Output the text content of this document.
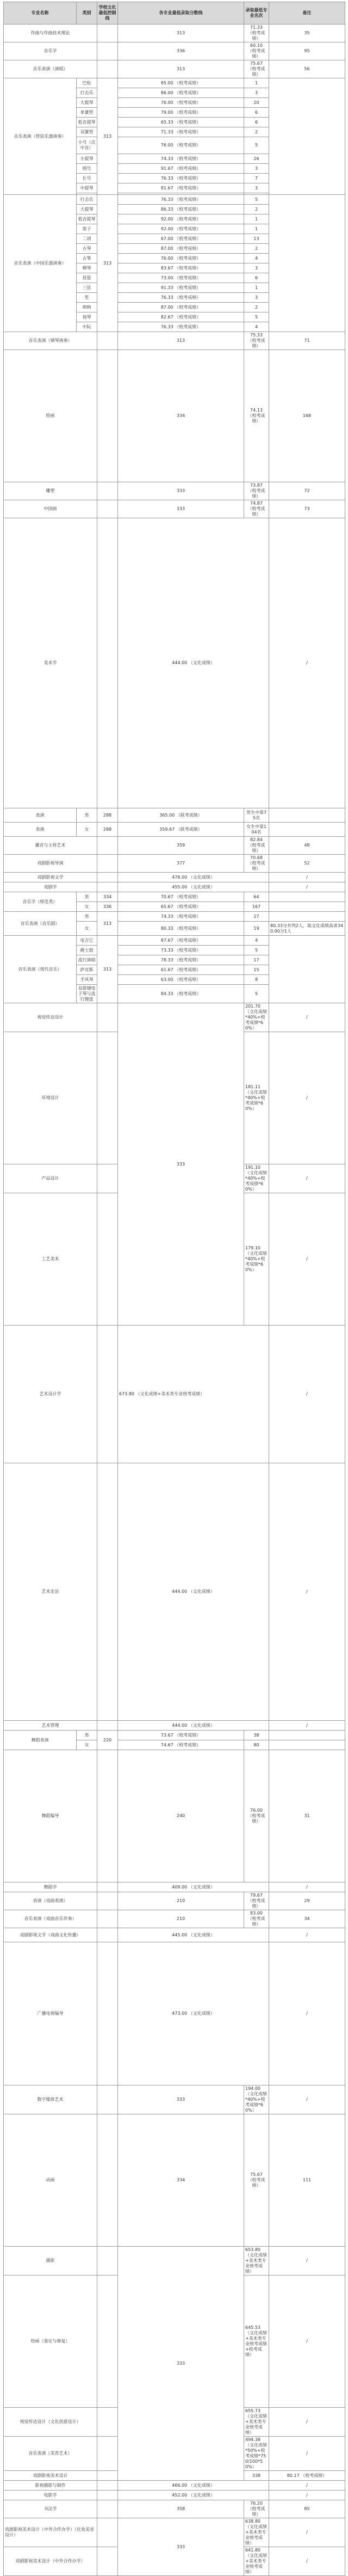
专业名称	类别	学校文化最低控制线	各专业最低录取分数线	录取最低专业名次	备注	
作曲与作曲技术理论			313	71.33 （校考成绩）	35	
音乐学			336	60.10 （校考成绩）	95	
音乐表演（演唱）			313	75.67 （校考成绩）	56	
音乐表演（管弦乐器演奏）	巴松	313	85.00 （校考成绩）	1		
	打击乐		86.00 （校考成绩）	3		
	大提琴		76.00 （校考成绩）	20		
	单簧管		79.00 （校考成绩）	6		
	低音提琴		65.33 （校考成绩）	6		
	双簧管		71.33 （校考成绩）	2		
	小号（次中音）		76.00 （校考成绩）	5		
	小提琴		74.33 （校考成绩）	26		
	圆号		91.67 （校考成绩）	3		
	长号		76.33 （校考成绩）	7		
	中提琴		81.67 （校考成绩）	3		

音乐表演（中国乐器演奏）	打击乐	313	76.33 （校考成绩）	5		
	大提琴		86.33 （校考成绩）	2		
	低音提琴		92.00 （校考成绩）	1		
	笛子		92.00 （校考成绩）	1		
	二胡		67.00 （校考成绩）	13		
	古琴		87.00 （校考成绩）	2		
	古筝		76.00 （校考成绩）	4		
	柳琴		83.67 （校考成绩）	3		
	琵琶		73.00 （校考成绩）	6		
	三弦		91.33 （校考成绩）	1		
	笙		76.33 （校考成绩）	3		
	唢呐		87.00 （校考成绩）	2		
	扬琴		82.67 （校考成绩）	5		
	中阮		76.33 （校考成绩）	4		
音乐表演（钢琴演奏）			313	75.33 （校考成绩）	71	
绘画			334	74.13 （校考成绩）	168	
雕塑			333	73.87 （校考成绩）	72	
中国画			333	74.87 （校考成绩）	73	
美术学			444.00 （文化成绩）		/	
表演	男	288	365.00 （联考成绩）	男生中第75名		
表演	女	288	359.67 （联考成绩）	女生中第104名		
播音与主持艺术			359	82.84 （校考成绩）	48	
戏剧影视导演			377	70.68 （校考成绩）	52	
戏剧影视文学			476.00 （文化成绩）		/	
戏剧学			455.00 （文化成绩）		/	
音乐学（师范类）	男	334	70.67 （校考成绩）	64		
	女	336	65.67 （校考成绩）	167		
音乐表演（音乐剧）	男	313	74.33 （校考成绩）	27		
	女		80.33 （校考成绩）	19	80.33分并列2人，取文化成绩高者340.00分1人	
音乐表演（现代音乐）	电吉它	313	87.67 （校考成绩）	4		
	爵士鼓		73.33 （校考成绩）	5		
	流行演唱		78.33 （校考成绩）	17		
	萨克斯		61.67 （校考成绩）	15		
	手风琴		63.00 （校考成绩）	8		
	双排键电子琴与流行键盘		84.33 （校考成绩）	5		
视觉传达设计			333	201.70 （文化成绩*40%+校考成绩*60%）	/	
环境设计				181.11 （文化成绩*40%+校考成绩*60%）	/	
产品设计				191.10 （文化成绩*40%+校考成绩*60%）	/	
工艺美术				179.10 （文化成绩*40%+校考成绩*60%）	/	
艺术设计学			673.80 （文化成绩+美术类专业统考成绩）		/	
艺术史论			444.00 （文化成绩）		/	
艺术管理			444.00 （文化成绩）		/	
舞蹈表演	男	220	73.67 （校考成绩）	38		
	女		74.67 （校考成绩）	80		
舞蹈编导			240	76.00 （校考成绩）	31	
舞蹈学			409.00 （文化成绩）		/	
表演（戏曲表演）			210	79.67 （校考成绩）	29	
音乐表演（戏曲音乐伴奏）			210	83.00 （校考成绩）	34	
戏剧影视文学（戏曲文化传播）			445.00 （文化成绩）		/	
广播电视编导			473.00 （文化成绩）		/	
数字媒体艺术			333	194.00 （文化成绩*40%+校考成绩*60%）	/	
动画			334	75.67 （校考成绩）	111	
摄影			333	653.80 （文化成绩+美术类专业统考成绩）	/	
绘画（鉴定与修复）				645.53 （文化成绩+美术类专业统考成绩+校考成绩）	/	
视觉传达设计（文化创意设计）				655.73 （文化成绩+美术类专业统考成绩）	/	
音乐表演（美育艺术）				494.38 （文化成绩*50%+校考成绩*750/100*50%）	/	
戏剧影视美术设计				338	80.17 （校考成绩）		
影视摄影与制作			466.00 （文化成绩）		/	
电影学			452.00 （文化成绩）		/	
书法学			358	76.20 （校考成绩）	85	
戏剧影视美术设计（中外合作办学）（化妆美容设计）			333	638.80 （文化成绩+美术类专业统考成绩）	/	
戏剧影视美术设计（中外合作办学）				641.80 （文化成绩+美术类专业统考成绩）	/	
